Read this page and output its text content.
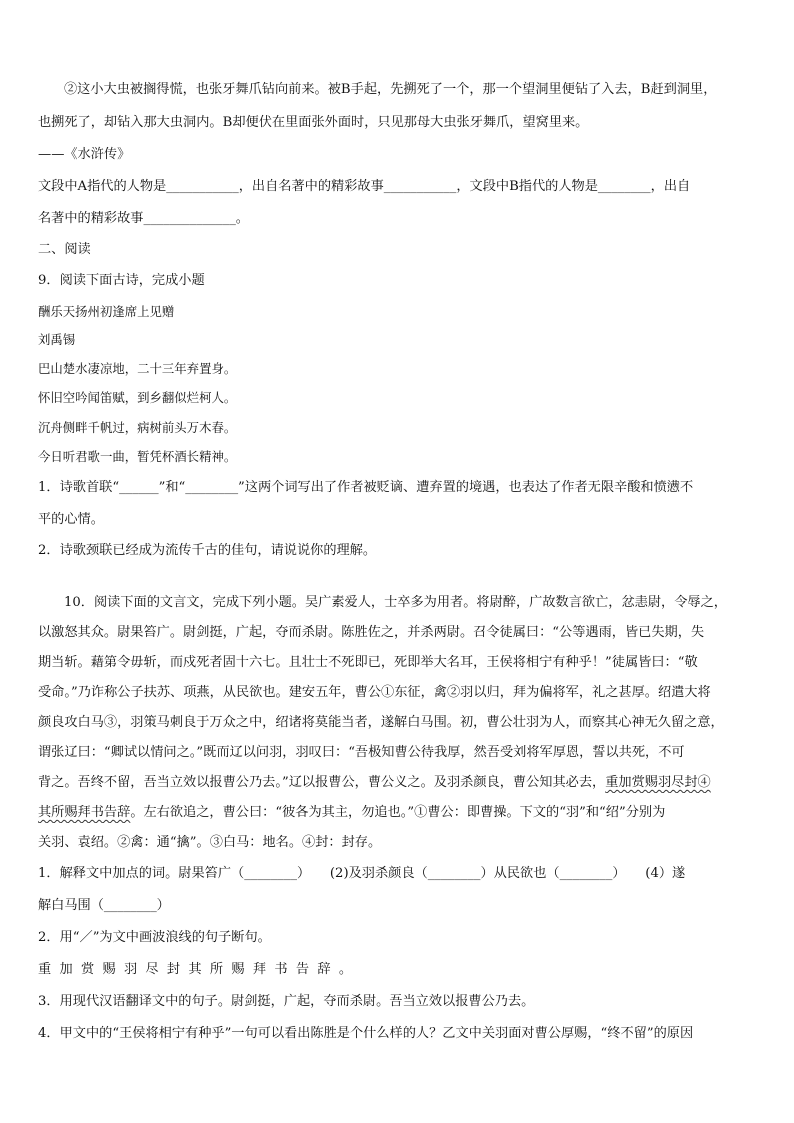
②这小大虫被搁得慌，也张牙舞爪钻向前来。被B手起，先搠死了一个，那一个望洞里便钻了入去，B赶到洞里，
也搠死了，却钻入那大虫洞内。B却便伏在里面张外面时，只见那母大虫张牙舞爪，望窝里来。
——《水浒传》
文段中A指代的人物是___________，出自名著中的精彩故事___________，文段中B指代的人物是________，出自
名著中的精彩故事______________。
二、阅读
9．阅读下面古诗，完成小题
酬乐天扬州初逢席上见赠
刘禹锡
巴山楚水凄凉地，二十三年弃置身。
怀旧空吟闻笛赋，到乡翻似烂柯人。
沉舟侧畔千帆过，病树前头万木春。
今日听君歌一曲，暂凭杯酒长精神。
1．诗歌首联“______”和“________”这两个词写出了作者被贬谪、遭弃置的境遇，也表达了作者无限辛酸和愤懑不
平的心情。
2．诗歌颈联已经成为流传千古的佳句，请说说你的理解。
10．阅读下面的文言文，完成下列小题。吴广素爱人，士卒多为用者。将尉醉，广故数言欲亡，忿恚尉，令辱之，
以激怒其众。尉果笞广。尉剑挺，广起，夺而杀尉。陈胜佐之，并杀两尉。召令徒属曰：“公等遇雨，皆已失期，失
期当斩。藉第令毋斩，而戍死者固十六七。且壮士不死即已，死即举大名耳，王侯将相宁有种乎！”徒属皆曰：“敬
受命。”乃诈称公子扶苏、项燕，从民欲也。建安五年，曹公①东征，禽②羽以归，拜为偏将军，礼之甚厚。绍遣大将
颜良攻白马③，羽策马刺良于万众之中，绍诸将莫能当者，遂解白马围。初，曹公壮羽为人，而察其心神无久留之意，
谓张辽曰：“卿试以情问之。”既而辽以问羽，羽叹曰：“吾极知曹公待我厚，然吾受刘将军厚恩，誓以共死，不可
背之。吾终不留，吾当立效以报曹公乃去。”辽以报曹公，曹公义之。及羽杀颜良，曹公知其必去，重加赏赐羽尽封④
其所赐拜书告辞。左右欲追之，曹公曰：“彼各为其主，勿追也。”①曹公：即曹操。下文的“羽”和“绍”分别为
关羽、袁绍。②禽：通“擒”。③白马：地名。④封：封存。
1．解释文中加点的词。尉果笞广（________）　　(2)及羽杀颜良（________）从民欲也（________）　　(4）遂
解白马围（________）
2．用“／”为文中画波浪线的句子断句。
重加赏赐羽尽封其所赐拜书告辞。
3．用现代汉语翻译文中的句子。尉剑挺，广起，夺而杀尉。吾当立效以报曹公乃去。
4．甲文中的“王侯将相宁有种乎”一句可以看出陈胜是个什么样的人？乙文中关羽面对曹公厚赐，“终不留”的原因
